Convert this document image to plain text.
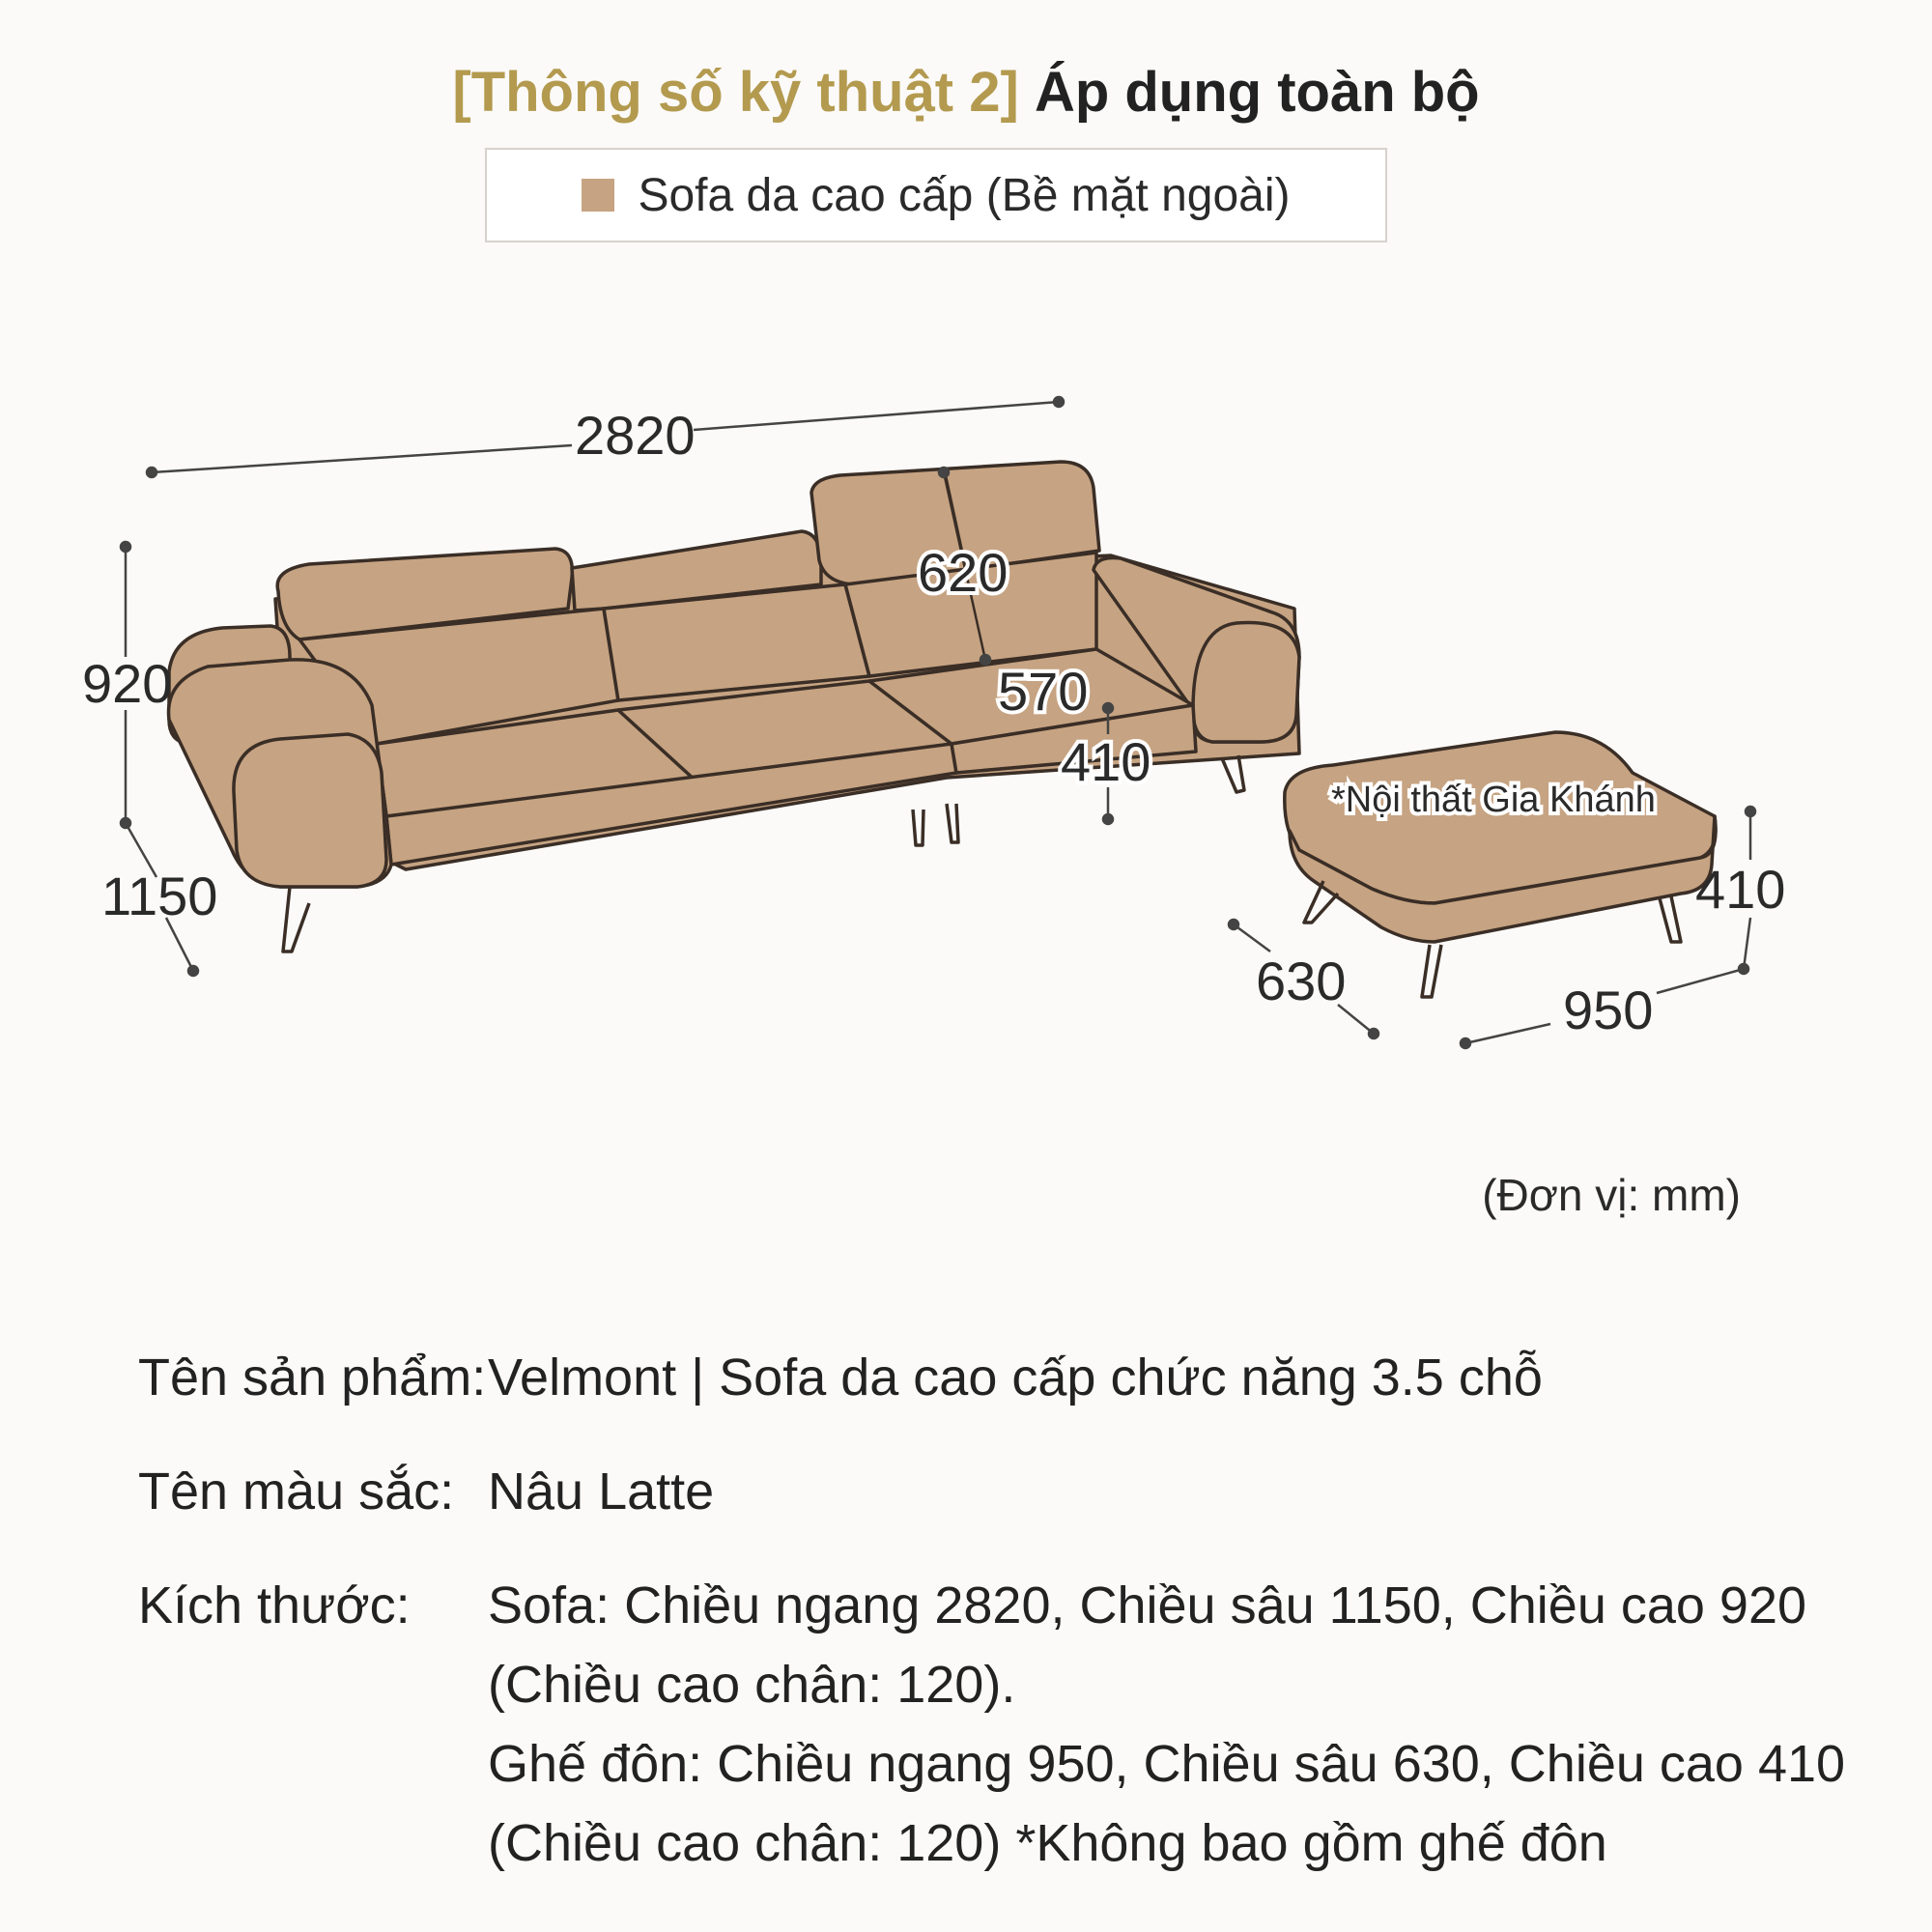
[Thông số kỹ thuật 2] Áp dụng toàn bộ
Sofa da cao cấp (Bề mặt ngoài)
2820
920
1150
620
570
410
410
630	950
*Nội thất Gia Khánh
(Đơn vị: mm)
Tên sản phẩm: Velmont | Sofa da cao cấp chức năng 3.5 chỗ
Tên màu sắc: Nâu Latte
Kích thước:	Sofa: Chiều ngang 2820, Chiều sâu 1150, Chiều cao 920
(Chiều cao chân: 120).
Ghế đôn: Chiều ngang 950, Chiều sâu 630, Chiều cao 410
(Chiều cao chân: 120) *Không bao gồm ghế đôn
